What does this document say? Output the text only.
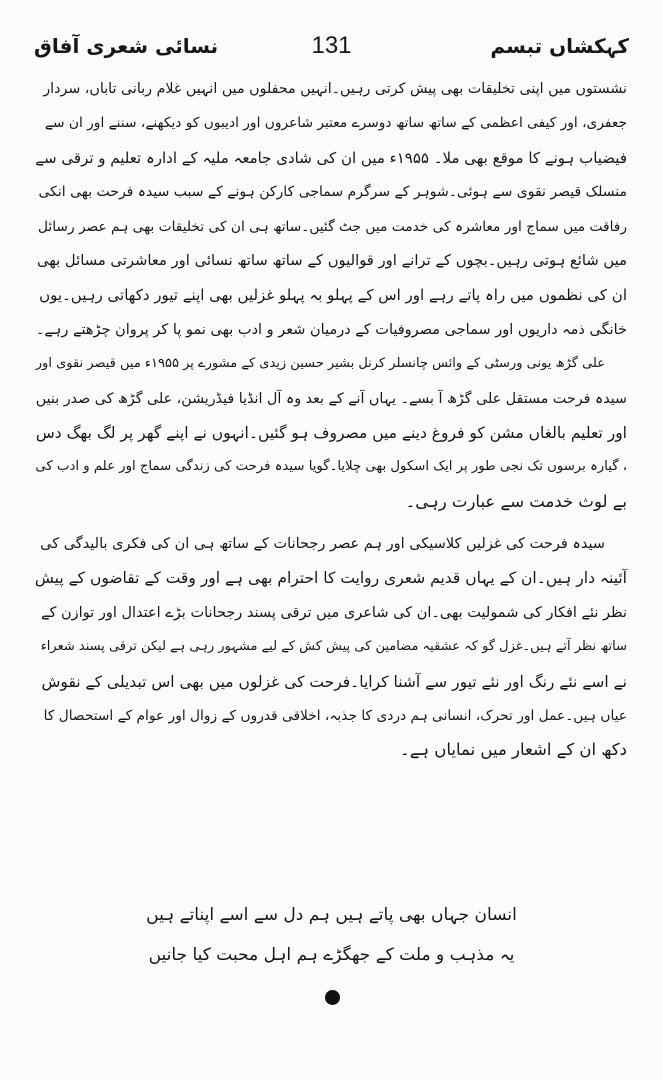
کہکشاں تبسم
131
نسائی شعری آفاق
نشستوں میں اپنی تخلیقات بھی پیش کرتی رہیں۔انہیں محفلوں میں انہیں غلام ربانی تاباں، سردار
جعفری، اور کیفی اعظمی کے ساتھ ساتھ دوسرے معتبر شاعروں اور ادیبوں کو دیکھنے، سننے اور ان سے
فیضیاب ہونے کا موقع بھی ملا۔ ۱۹۵۵ء میں ان کی شادی جامعہ ملیہ کے ادارہ تعلیم و ترقی سے
منسلک قیصر نقوی سے ہوئی۔شوہر کے سرگرم سماجی کارکن ہونے کے سبب سیدہ فرحت بھی انکی
رفاقت میں سماج اور معاشرہ کی خدمت میں جٹ گئیں۔ساتھ ہی ان کی تخلیقات بھی ہم عصر رسائل
میں شائع ہوتی رہیں۔بچوں کے ترانے اور قوالیوں کے ساتھ ساتھ نسائی اور معاشرتی مسائل بھی
ان کی نظموں میں راہ پاتے رہے اور اس کے پہلو بہ پہلو غزلیں بھی اپنے تیور دکھاتی رہیں۔یوں
خانگی ذمہ داریوں اور سماجی مصروفیات کے درمیان شعر و ادب بھی نمو پا کر پروان چڑھتے رہے۔
علی گڑھ یونی ورسٹی کے وائس چانسلر کرنل بشیر حسین زیدی کے مشورے پر ۱۹۵۵ء میں قیصر نقوی اور
سیدہ فرحت مستقل علی گڑھ آ بسے۔ یہاں آنے کے بعد وہ آل انڈیا فیڈریشن، علی گڑھ کی صدر بنیں
اور تعلیم بالغاں مشن کو فروغ دینے میں مصروف ہو گئیں۔انہوں نے اپنے گھر پر لگ بھگ دس
، گیارہ برسوں تک نجی طور پر ایک اسکول بھی چلایا۔گویا سیدہ فرحت کی زندگی سماج اور علم و ادب کی
بے لوث خدمت سے عبارت رہی۔
سیدہ فرحت کی غزلیں کلاسیکی اور ہم عصر رجحانات کے ساتھ ہی ان کی فکری بالیدگی کی
آئینہ دار ہیں۔ان کے یہاں قدیم شعری روایت کا احترام بھی ہے اور وقت کے تقاضوں کے پیش
نظر نئے افکار کی شمولیت بھی۔ان کی شاعری میں ترقی پسند رجحانات بڑے اعتدال اور توازن کے
ساتھ نظر آتے ہیں۔غزل گو کہ عشقیہ مضامین کی پیش کش کے لیے مشہور رہی ہے لیکن ترقی پسند شعراء
نے اسے نئے رنگ اور نئے تیور سے آشنا کرایا۔فرحت کی غزلوں میں بھی اس تبدیلی کے نقوش
عیاں ہیں۔عمل اور تحرک، انسانی ہم دردی کا جذبہ، اخلاقی قدروں کے زوال اور عوام کے استحصال کا
دکھ ان کے اشعار میں نمایاں ہے۔
انسان جہاں بھی پاتے ہیں ہم دل سے اسے اپناتے ہیں
یہ مذہب و ملت کے جھگڑے ہم اہل محبت کیا جانیں
